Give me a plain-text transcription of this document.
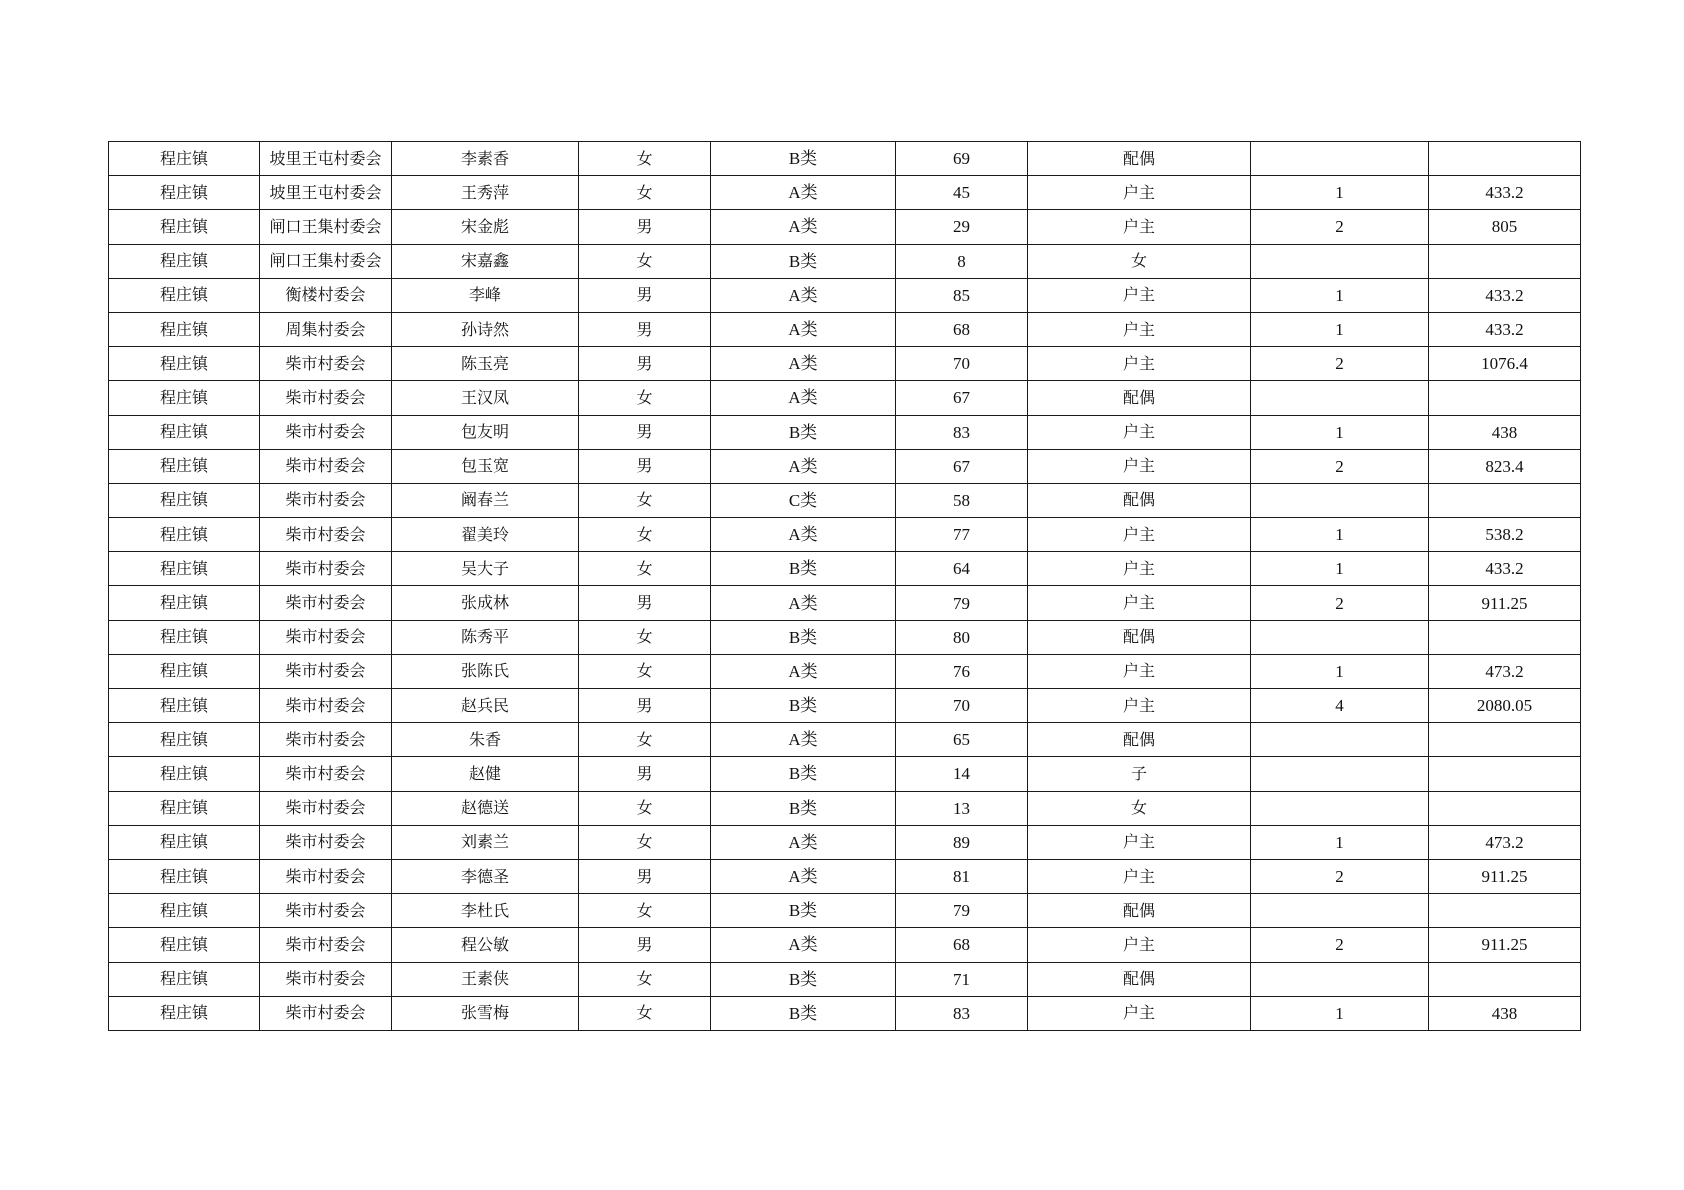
程庄镇	坡里王屯村委会	李素香	女	B类	69	配偶		
程庄镇	坡里王屯村委会	王秀萍	女	A类	45	户主	1	433.2
程庄镇	闸口王集村委会	宋金彪	男	A类	29	户主	2	805
程庄镇	闸口王集村委会	宋嘉鑫	女	B类	8	女		
程庄镇	衡楼村委会	李峰	男	A类	85	户主	1	433.2
程庄镇	周集村委会	孙诗然	男	A类	68	户主	1	433.2
程庄镇	柴市村委会	陈玉亮	男	A类	70	户主	2	1076.4
程庄镇	柴市村委会	王汉凤	女	A类	67	配偶		
程庄镇	柴市村委会	包友明	男	B类	83	户主	1	438
程庄镇	柴市村委会	包玉宽	男	A类	67	户主	2	823.4
程庄镇	柴市村委会	阚春兰	女	C类	58	配偶		
程庄镇	柴市村委会	翟美玲	女	A类	77	户主	1	538.2
程庄镇	柴市村委会	吴大子	女	B类	64	户主	1	433.2
程庄镇	柴市村委会	张成林	男	A类	79	户主	2	911.25
程庄镇	柴市村委会	陈秀平	女	B类	80	配偶		
程庄镇	柴市村委会	张陈氏	女	A类	76	户主	1	473.2
程庄镇	柴市村委会	赵兵民	男	B类	70	户主	4	2080.05
程庄镇	柴市村委会	朱香	女	A类	65	配偶		
程庄镇	柴市村委会	赵健	男	B类	14	子		
程庄镇	柴市村委会	赵德送	女	B类	13	女		
程庄镇	柴市村委会	刘素兰	女	A类	89	户主	1	473.2
程庄镇	柴市村委会	李德圣	男	A类	81	户主	2	911.25
程庄镇	柴市村委会	李杜氏	女	B类	79	配偶		
程庄镇	柴市村委会	程公敏	男	A类	68	户主	2	911.25
程庄镇	柴市村委会	王素侠	女	B类	71	配偶		
程庄镇	柴市村委会	张雪梅	女	B类	83	户主	1	438
